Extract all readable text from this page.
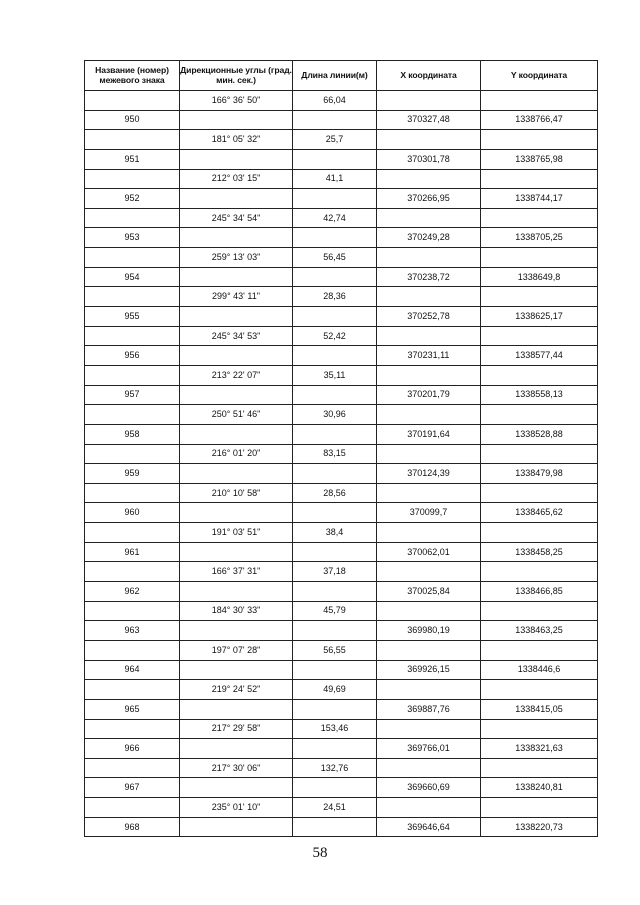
Название (номер) межевого знака	Дирекционные углы (град. мин. сек.)	Длина линии(м)	X координата	Y координата
	166° 36' 50"	66,04		
950			370327,48	1338766,47
	181° 05' 32"	25,7		
951			370301,78	1338765,98
	212° 03' 15"	41,1		
952			370266,95	1338744,17
	245° 34' 54"	42,74		
953			370249,28	1338705,25
	259° 13' 03"	56,45		
954			370238,72	1338649,8
	299° 43' 11"	28,36		
955			370252,78	1338625,17
	245° 34' 53"	52,42		
956			370231,11	1338577,44
	213° 22' 07"	35,11		
957			370201,79	1338558,13
	250° 51' 46"	30,96		
958			370191,64	1338528,88
	216° 01' 20"	83,15		
959			370124,39	1338479,98
	210° 10' 58"	28,56		
960			370099,7	1338465,62
	191° 03' 51"	38,4		
961			370062,01	1338458,25
	166° 37' 31"	37,18		
962			370025,84	1338466,85
	184° 30' 33"	45,79		
963			369980,19	1338463,25
	197° 07' 28"	56,55		
964			369926,15	1338446,6
	219° 24' 52"	49,69		
965			369887,76	1338415,05
	217° 29' 58"	153,46		
966			369766,01	1338321,63
	217° 30' 06"	132,76		
967			369660,69	1338240,81
	235° 01' 10"	24,51		
968			369646,64	1338220,73
58
